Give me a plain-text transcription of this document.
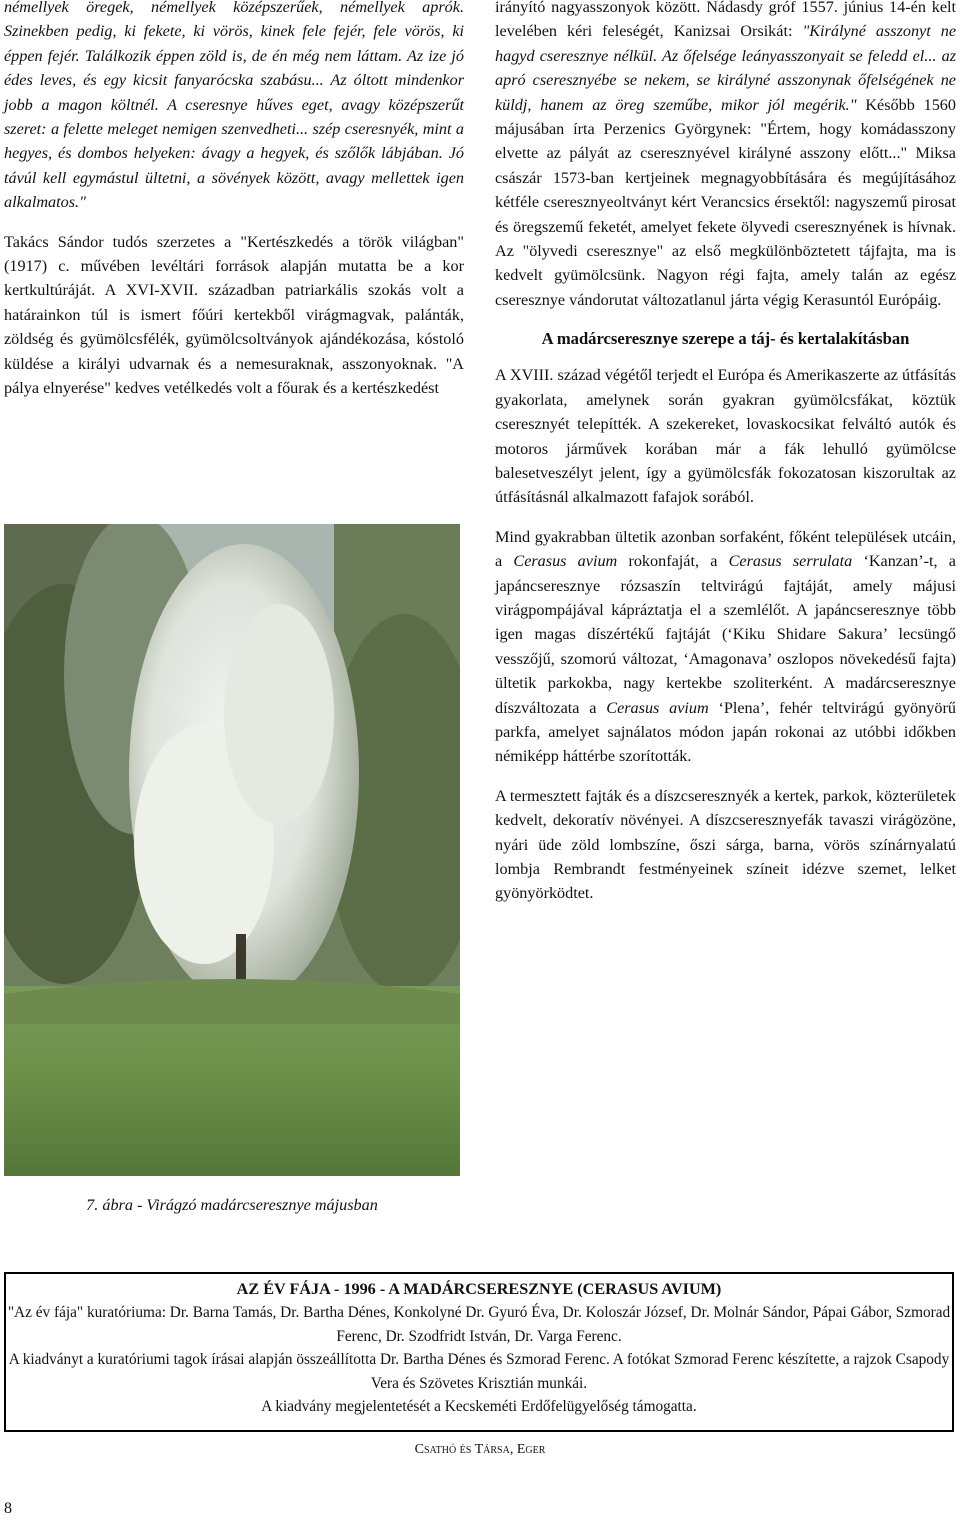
némellyek öregek, némellyek középszerűek, némellyek aprók. Szinekben pedig, ki fekete, ki vörös, kinek fele fejér, fele vörös, ki éppen fejér. Találkozik éppen zöld is, de én még nem láttam. Az ize jó édes leves, és egy kicsit fanyarócska szabásu... Az óltott mindenkor jobb a magon költnél. A cseresnye hűves eget, avagy középszerűt szeret: a felette meleget nemigen szenvedheti... szép cseresnyék, mint a hegyes, és dombos helyeken: ávagy a hegyek, és szőlők lábjában. Jó távúl kell egymástul ültetni, a sövények között, avagy mellettek igen alkalmatos."

Takács Sándor tudós szerzetes a "Kertészkedés a török világban" (1917) c. művében levéltári források alapján mutatta be a kor kertkultúráját. A XVI-XVII. században patriarkális szokás volt a határainkon túl is ismert főúri kertekből virágmagvak, palánták, zöldség és gyümölcsfélék, gyümölcsoltványok ajándékozása, kóstoló küldése a királyi udvarnak és a nemesuraknak, asszonyoknak. "A pálya elnyerése" kedves vetélkedés volt a főurak és a kertészkedést

7. ábra - Virágzó madárcseresznye májusban

irányító nagyasszonyok között. Nádasdy gróf 1557. június 14-én kelt levelében kéri feleségét, Kanizsai Orsikát: "Királyné asszonyt ne hagyd cseresznye nélkül. Az őfelsége leányasszonyait se feledd el... az apró cseresznyébe se nekem, se királyné asszonynak őfelségének ne küldj, hanem az öreg szeműbe, mikor jól megérik." Később 1560 májusában írta Perzenics Györgynek: "Értem, hogy komádasszony elvette az pályát az cseresznyével királyné asszony előtt..." Miksa császár 1573-ban kertjeinek megnagyobbítására és megújításához kétféle cseresznyeoltványt kért Verancsics érsektől: nagyszemű pirosat és öregszemű feketét, amelyet fekete ölyvedi cseresznyének is hívnak. Az "ölyvedi cseresznye" az első megkülönböztetett tájfajta, ma is kedvelt gyümölcsünk. Nagyon régi fajta, amely talán az egész cseresznye vándorutat változatlanul járta végig Kerasuntól Európáig.

A madárcseresznye szerepe a táj- és kertalakításban

A XVIII. század végétől terjedt el Európa és Amerikaszerte az útfásítás gyakorlata, amelynek során gyakran gyümölcsfákat, köztük cseresznyét telepítték. A szekereket, lovaskocsikat felváltó autók és motoros járművek korában már a fák lehulló gyümölcse balesetveszélyt jelent, így a gyümölcsfák fokozatosan kiszorultak az útfásításnál alkalmazott fafajok sorából.

Mind gyakrabban ültetik azonban sorfaként, főként települések utcáin, a Cerasus avium rokonfaját, a Cerasus serrulata ‘Kanzan’-t, a japáncseresznye rózsaszín teltvirágú fajtáját, amely májusi virágpompájával kápráztatja el a szemlélőt. A japáncseresznye több igen magas díszértékű fajtáját (‘Kiku Shidare Sakura’ lecsüngő vesszőjű, szomorú változat, ‘Amagonava’ oszlopos növekedésű fajta) ültetik parkokba, nagy kertekbe szoliterként. A madárcseresznye díszváltozata a Cerasus avium ‘Plena’, fehér teltvirágú gyönyörű parkfa, amelyet sajnálatos módon japán rokonai az utóbbi időkben némiképp háttérbe szorították.

A termesztett fajták és a díszcseresznyék a kertek, parkok, közterületek kedvelt, dekoratív növényei. A díszcseresznyefák tavaszi virágözöne, nyári üde zöld lombszíne, őszi sárga, barna, vörös színárnyalatú lombja Rembrandt festményeinek színeit idézve szemet, lelket gyönyörködtet.

AZ ÉV FÁJA - 1996 - A MADÁRCSERESZNYE (CERASUS AVIUM)
"Az év fája" kuratóriuma: Dr. Barna Tamás, Dr. Bartha Dénes, Konkolyné Dr. Gyuró Éva, Dr. Koloszár József, Dr. Molnár Sándor, Pápai Gábor, Szmorad Ferenc, Dr. Szodfridt István, Dr. Varga Ferenc.
A kiadványt a kuratóriumi tagok írásai alapján összeállította Dr. Bartha Dénes és Szmorad Ferenc. A fotókat Szmorad Ferenc készítette, a rajzok Csapody Vera és Szövetes Krisztián munkái.
A kiadvány megjelentetését a Kecskeméti Erdőfelügyelőség támogatta.
Csathó és Társa, Eger
8
